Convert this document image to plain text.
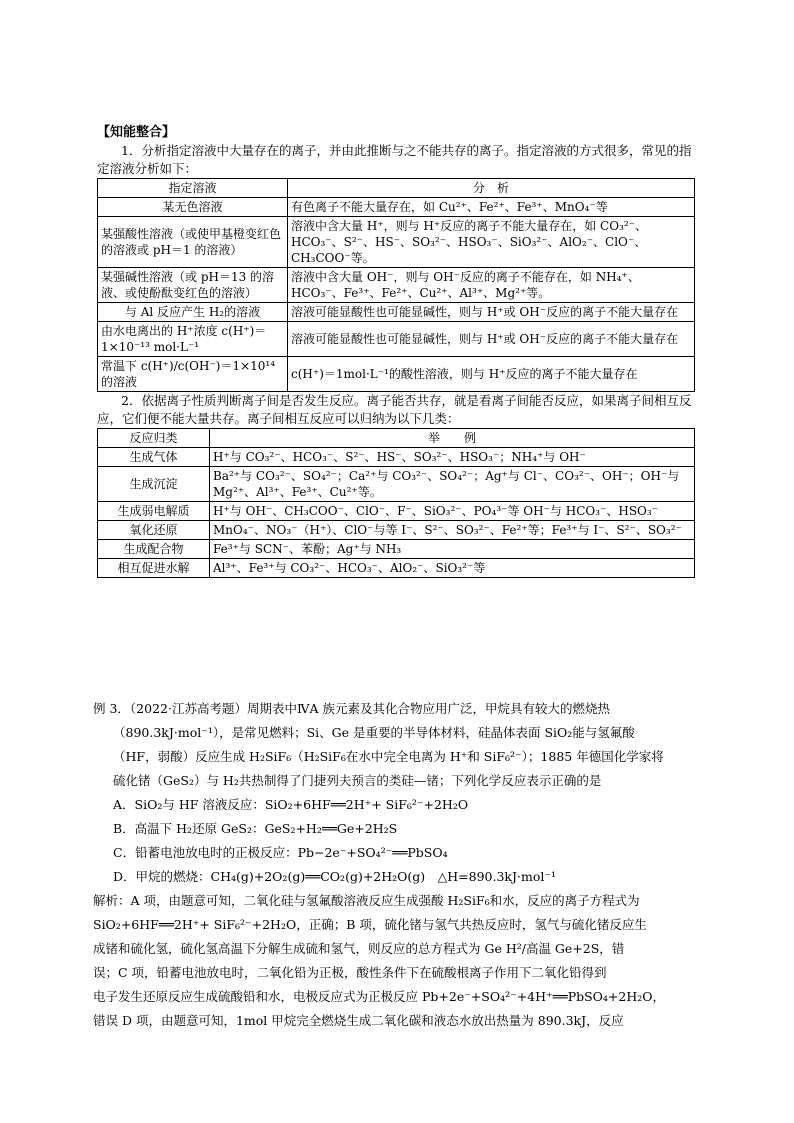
【知能整合】

1．分析指定溶液中大量存在的离子，并由此推断与之不能共存的离子。指定溶液的方式很多，常见的指定溶液分析如下：

指定溶液	分　析
某无色溶液	有色离子不能大量存在，如 Cu²⁺、Fe²⁺、Fe³⁺、MnO₄⁻等
某强酸性溶液（或使甲基橙变红色的溶液或 pH＝1 的溶液）	溶液中含大量 H⁺，则与 H⁺反应的离子不能大量存在，如 CO₃²⁻、HCO₃⁻、S²⁻、HS⁻、SO₃²⁻、HSO₃⁻、SiO₃²⁻、AlO₂⁻、ClO⁻、CH₃COO⁻等。
某强碱性溶液（或 pH＝13 的溶液、或使酚酞变红色的溶液）	溶液中含大量 OH⁻，则与 OH⁻反应的离子不能存在，如 NH₄⁺、HCO₃⁻、Fe³⁺、Fe²⁺、Cu²⁺、Al³⁺、Mg²⁺等。
与 Al 反应产生 H₂的溶液	溶液可能显酸性也可能显碱性，则与 H⁺或 OH⁻反应的离子不能大量存在
由水电离出的 H⁺浓度 c(H⁺)＝1×10⁻¹³ mol·L⁻¹	溶液可能显酸性也可能显碱性，则与 H⁺或 OH⁻反应的离子不能大量存在
常温下 c(H⁺)/c(OH⁻)＝1×10¹⁴的溶液	c(H⁺)＝1mol·L⁻¹的酸性溶液，则与 H⁺反应的离子不能大量存在

2．依据离子性质判断离子间是否发生反应。离子能否共存，就是看离子间能否反应，如果离子间相互反应，它们便不能大量共存。离子间相互反应可以归纳为以下几类：

反应归类	举　　例
生成气体	H⁺与 CO₃²⁻、HCO₃⁻、S²⁻、HS⁻、SO₃²⁻、HSO₃⁻；NH₄⁺与 OH⁻
生成沉淀	Ba²⁺与 CO₃²⁻、SO₄²⁻；Ca²⁺与 CO₃²⁻、SO₄²⁻；Ag⁺与 Cl⁻、CO₃²⁻、OH⁻；OH⁻与 Mg²⁺、Al³⁺、Fe³⁺、Cu²⁺等。
生成弱电解质	H⁺与 OH⁻、CH₃COO⁻、ClO⁻、F⁻、SiO₃²⁻、PO₄³⁻等 OH⁻与 HCO₃⁻、HSO₃⁻
氧化还原	MnO₄⁻、NO₃⁻（H⁺）、ClO⁻与等 I⁻、S²⁻、SO₃²⁻、Fe²⁺等；Fe³⁺与 I⁻、S²⁻、SO₃²⁻
生成配合物	Fe³⁺与 SCN⁻、苯酚；Ag⁺与 NH₃
相互促进水解	Al³⁺、Fe³⁺与 CO₃²⁻、HCO₃⁻、AlO₂⁻、SiO₃²⁻等

例 3．（2022·江苏高考题）周期表中ⅣA 族元素及其化合物应用广泛，甲烷具有较大的燃烧热

（890.3kJ·mol⁻¹），是常见燃料；Si、Ge 是重要的半导体材料，硅晶体表面 SiO₂能与氢氟酸

（HF，弱酸）反应生成 H₂SiF₆（H₂SiF₆在水中完全电离为 H⁺和 SiF₆²⁻）；1885 年德国化学家将

硫化锗（GeS₂）与 H₂共热制得了门捷列夫预言的类硅—锗；下列化学反应表示正确的是

A．SiO₂与 HF 溶液反应：SiO₂+6HF══2H⁺+ SiF₆²⁻+2H₂O

B．高温下 H₂还原 GeS₂：GeS₂+H₂══Ge+2H₂S

C．铅蓄电池放电时的正极反应：Pb−2e⁻+SO₄²⁻══PbSO₄

D．甲烷的燃烧：CH₄(g)+2O₂(g)══CO₂(g)+2H₂O(g)　△H=890.3kJ·mol⁻¹

解析：A 项，由题意可知，二氧化硅与氢氟酸溶液反应生成强酸 H₂SiF₆和水，反应的离子方程式为

SiO₂+6HF══2H⁺+ SiF₆²⁻+2H₂O，正确；B 项，硫化锗与氢气共热反应时，氢气与硫化锗反应生

成锗和硫化氢，硫化氢高温下分解生成硫和氢气，则反应的总方程式为 Ge H²/高温 Ge+2S，错

误；C 项，铅蓄电池放电时，二氧化铅为正极，酸性条件下在硫酸根离子作用下二氧化铅得到

电子发生还原反应生成硫酸铅和水，电极反应式为正极反应 Pb+2e⁻+SO₄²⁻+4H⁺══PbSO₄+2H₂O，

错误 D 项，由题意可知，1mol 甲烷完全燃烧生成二氧化碳和液态水放出热量为 890.3kJ，反应
